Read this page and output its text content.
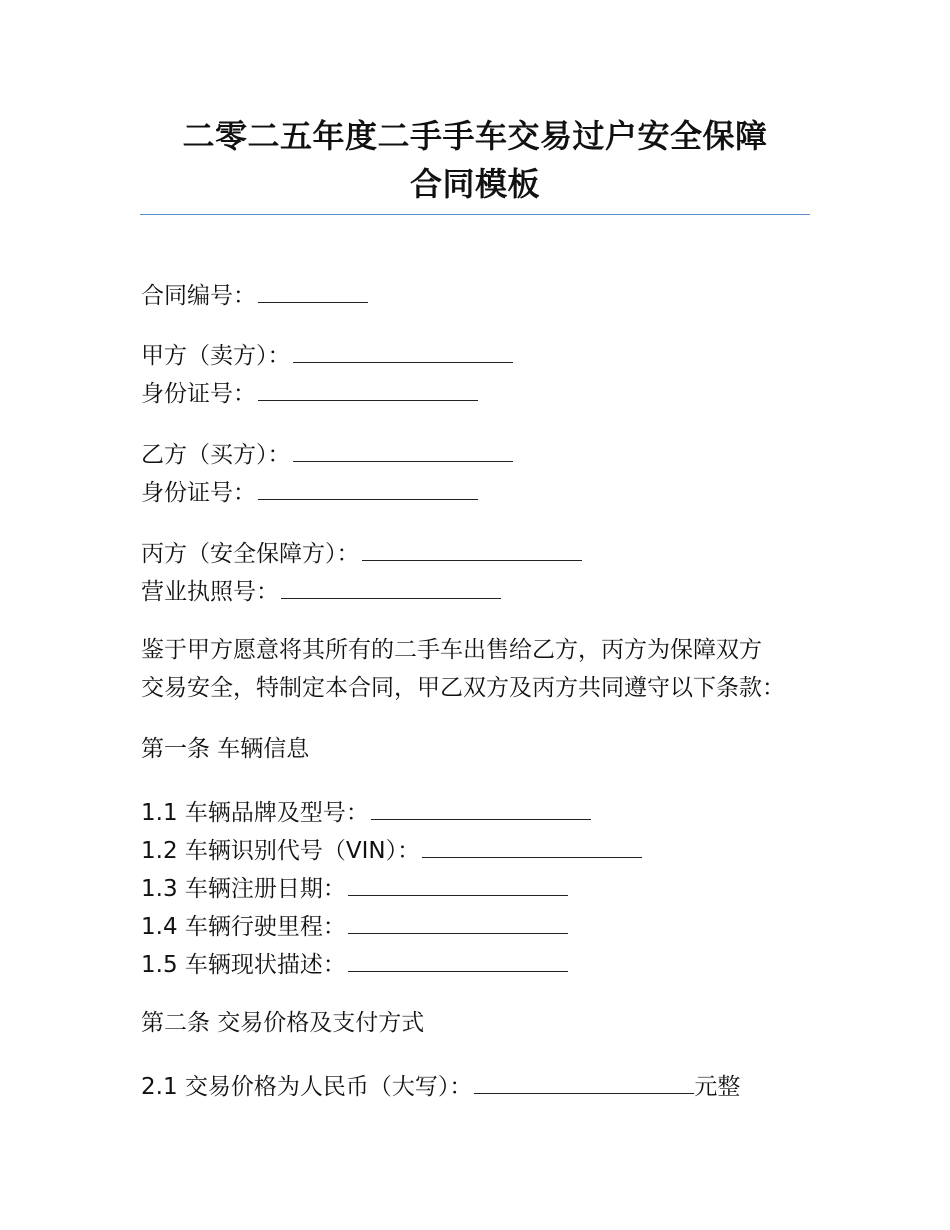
二零二五年度二手手车交易过户安全保障
合同模板
合同编号：
甲方（卖方）：
身份证号：
乙方（买方）：
身份证号：
丙方（安全保障方）：
营业执照号：
鉴于甲方愿意将其所有的二手车出售给乙方，丙方为保障双方
交易安全，特制定本合同，甲乙双方及丙方共同遵守以下条款：
第一条 车辆信息
1.1 车辆品牌及型号：
1.2 车辆识别代号（VIN）：
1.3 车辆注册日期：
1.4 车辆行驶里程：
1.5 车辆现状描述：
第二条 交易价格及支付方式
2.1 交易价格为人民币（大写）：	元整
